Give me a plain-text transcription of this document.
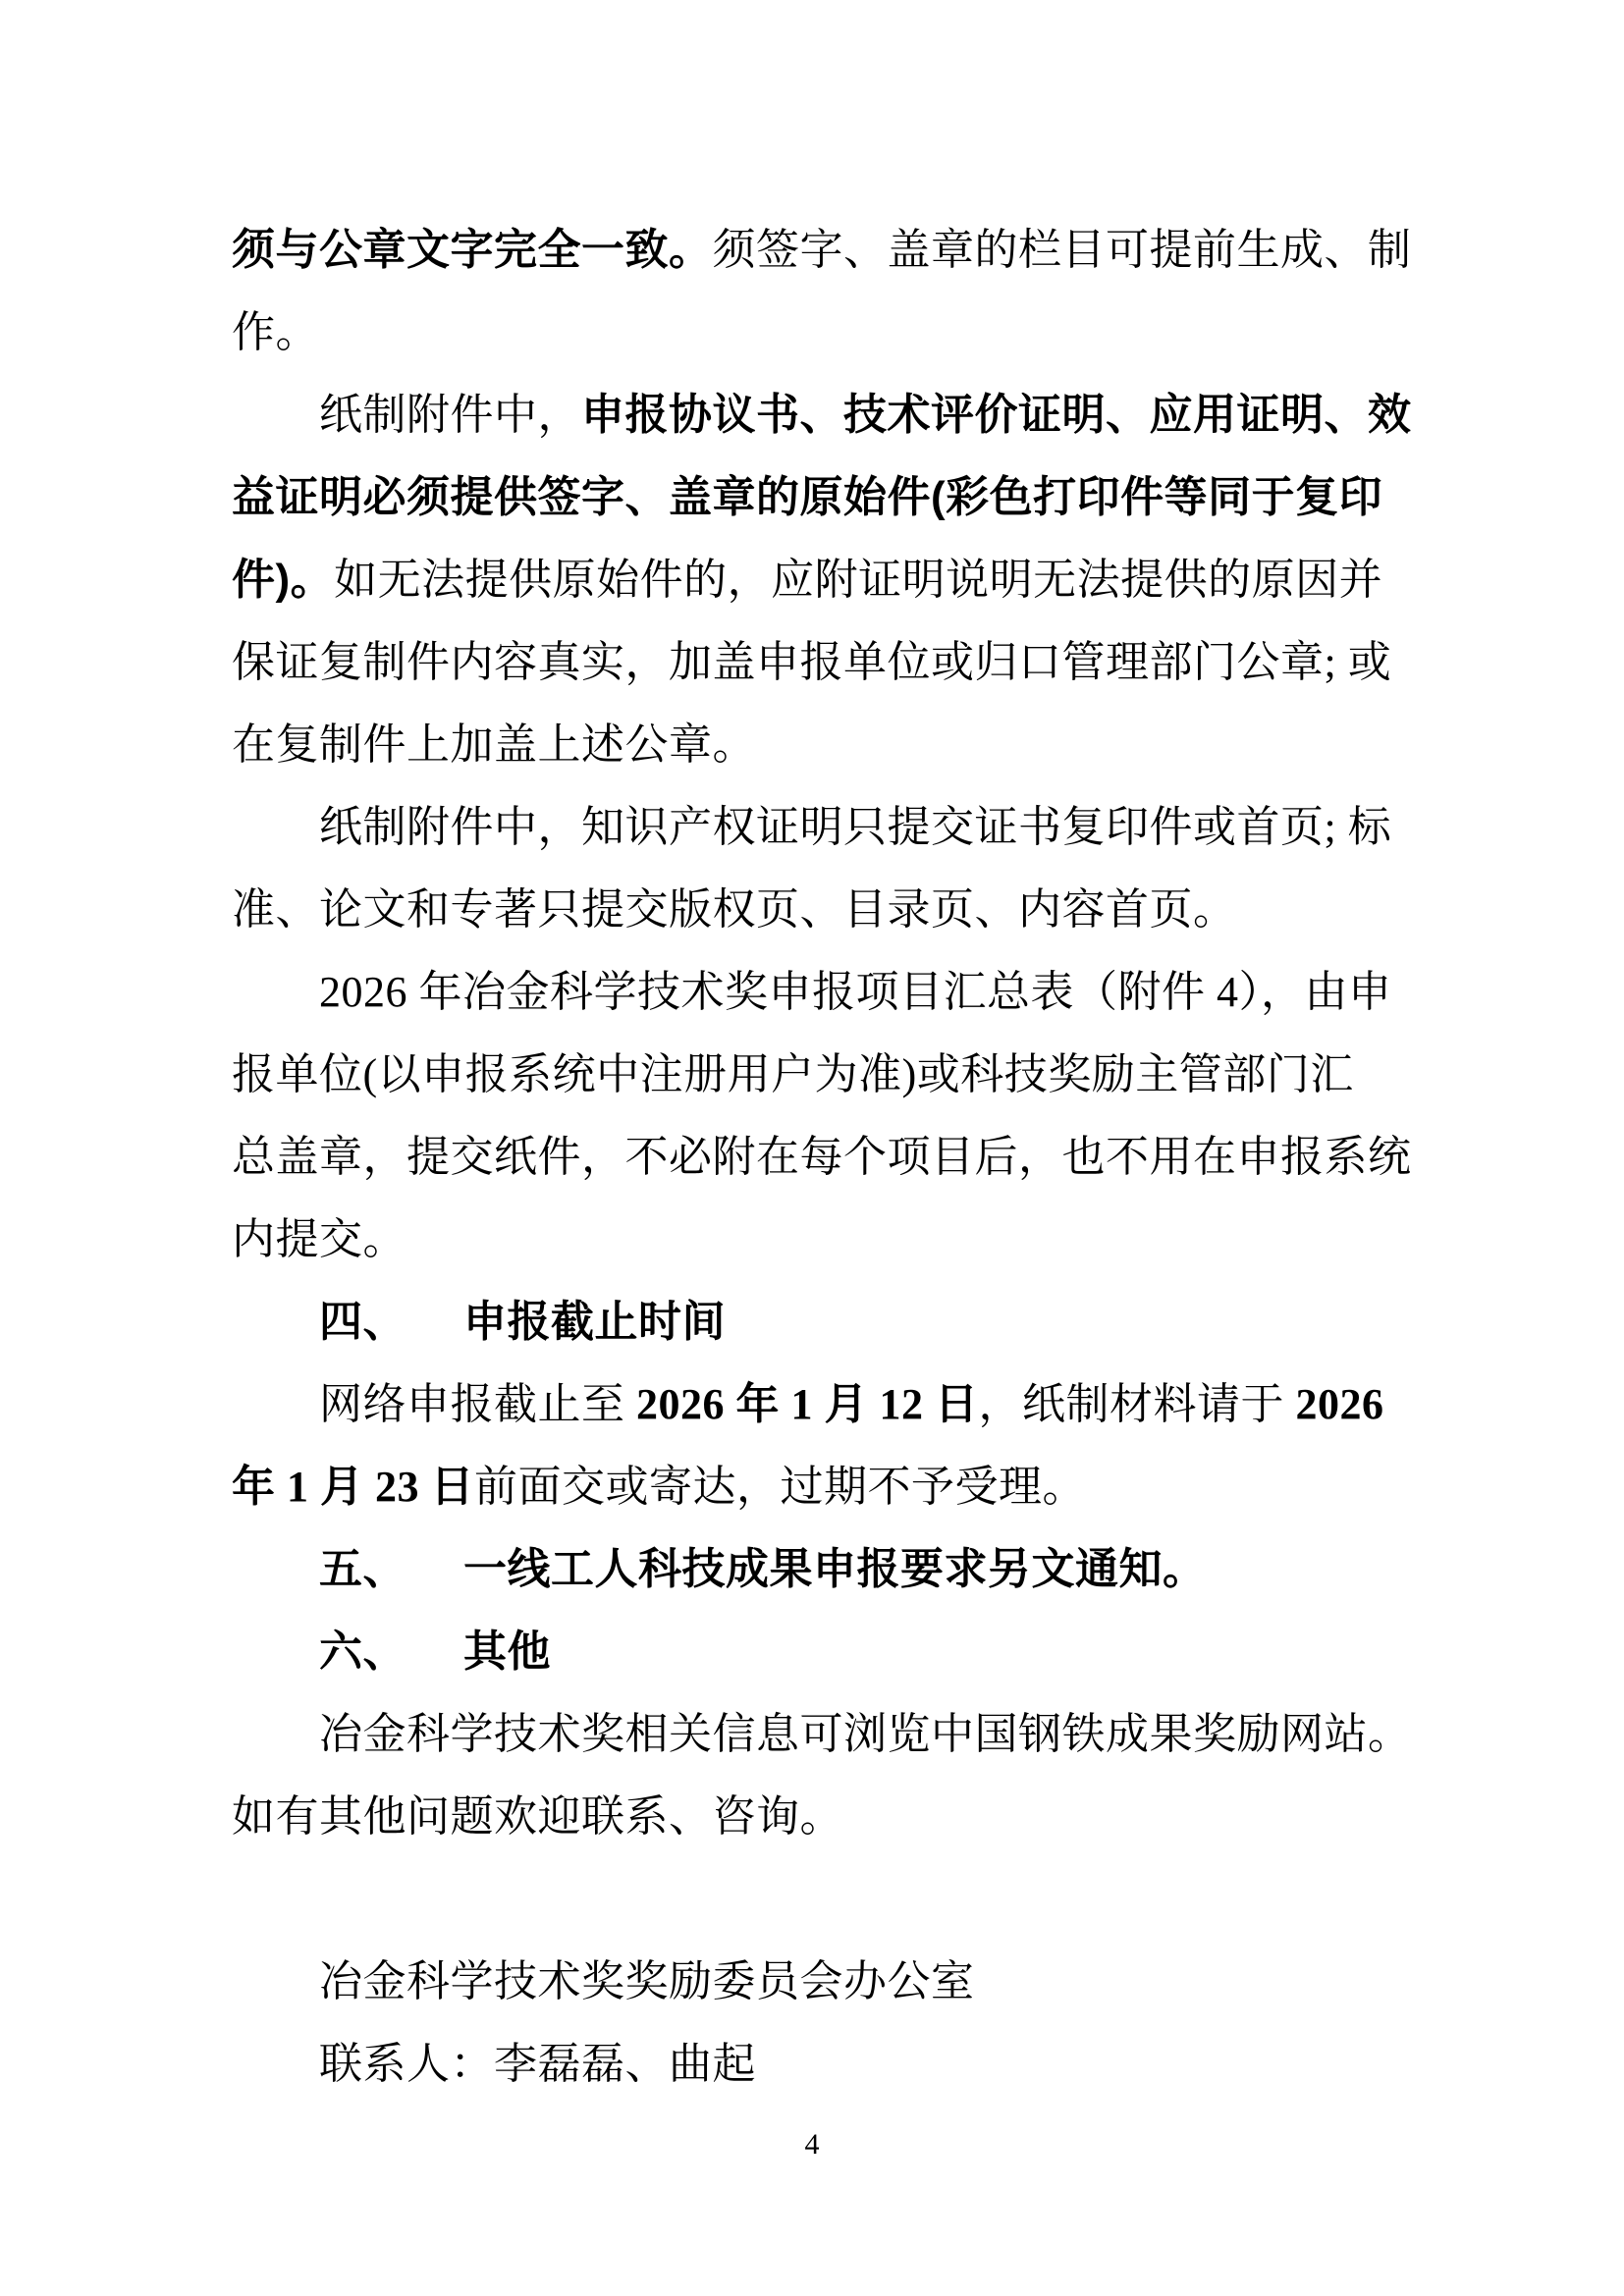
须与公章文字完全一致。须签字、盖章的栏目可提前生成、制
作。
纸制附件中，申报协议书、技术评价证明、应用证明、效
益证明必须提供签字、盖章的原始件(彩色打印件等同于复印
件)。如无法提供原始件的，应附证明说明无法提供的原因并
保证复制件内容真实，加盖申报单位或归口管理部门公章; 或
在复制件上加盖上述公章。
纸制附件中，知识产权证明只提交证书复印件或首页; 标
准、论文和专著只提交版权页、目录页、内容首页。
2026 年冶金科学技术奖申报项目汇总表（附件 4），由申
报单位(以申报系统中注册用户为准)或科技奖励主管部门汇
总盖章，提交纸件，不必附在每个项目后，也不用在申报系统
内提交。
四、 申报截止时间
网络申报截止至 2026 年 1 月 12 日，纸制材料请于 2026
年 1 月 23 日前面交或寄达，过期不予受理。
五、 一线工人科技成果申报要求另文通知。
六、 其他
冶金科学技术奖相关信息可浏览中国钢铁成果奖励网站。
如有其他问题欢迎联系、咨询。
冶金科学技术奖奖励委员会办公室
联系人：李磊磊、曲起
4
